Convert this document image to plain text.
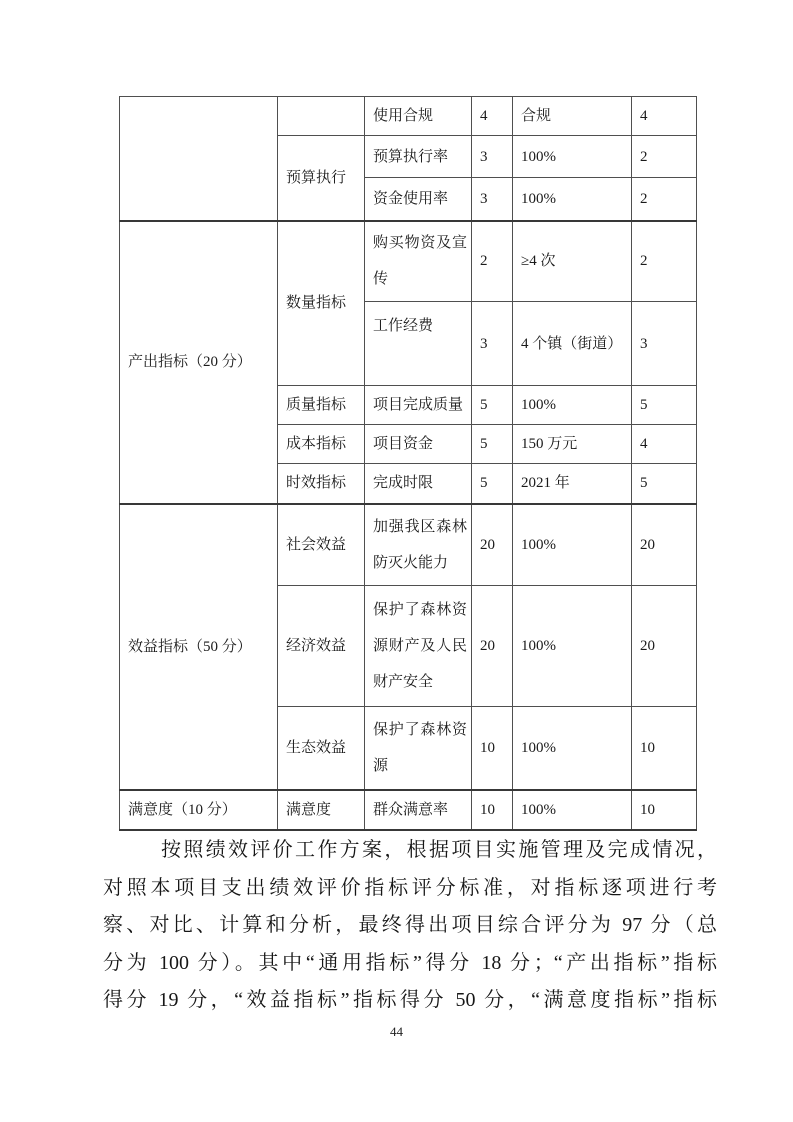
		使用合规	4	合规	4
	预算执行	预算执行率	3	100%	2
		资金使用率	3	100%	2
产出指标（20 分）	数量指标	购买物资及宣传	2	≥4 次	2
		工作经费	3	4 个镇（街道）	3
	质量指标	项目完成质量	5	100%	5
	成本指标	项目资金	5	150 万元	4
	时效指标	完成时限	5	2021 年	5
效益指标（50 分）	社会效益	加强我区森林防灭火能力	20	100%	20
	经济效益	保护了森林资源财产及人民财产安全	20	100%	20
	生态效益	保护了森林资源	10	100%	10
满意度（10 分）	满意度	群众满意率	10	100%	10
按照绩效评价工作方案，根据项目实施管理及完成情况，
对照本项目支出绩效评价指标评分标准，对指标逐项进行考
察、对比、计算和分析，最终得出项目综合评分为 97 分（总
分为 100 分）。其中“通用指标”得分 18 分；“产出指标”指标
得分 19 分，“效益指标”指标得分 50 分，“满意度指标”指标
44
